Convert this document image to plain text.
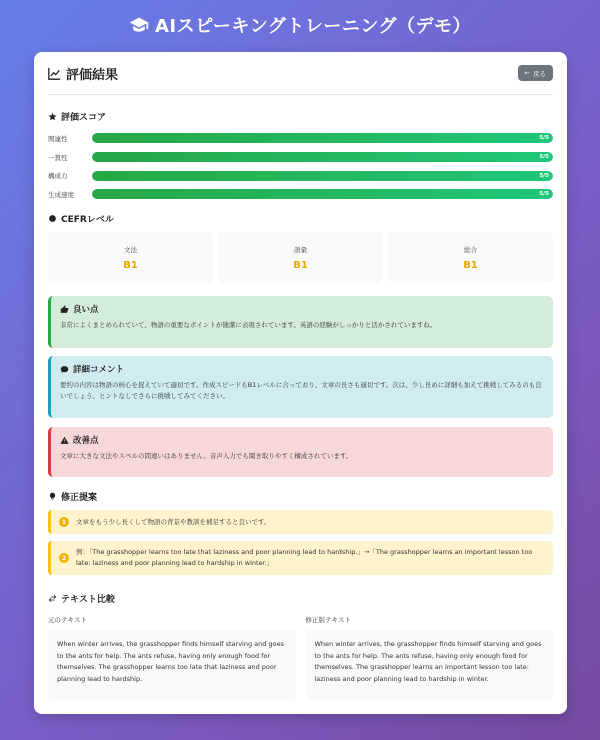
AIスピーキングトレーニング（デモ）
評価結果	← 戻る
評価スコア
関連性	5/5
一貫性	5/5
構成力	5/5
生成速度	5/5
CEFRレベル
文法
B1
語彙
B1
総合
B1
良い点
非常によくまとめられていて、物語の重要なポイントが簡潔に表現されています。英語の経験がしっかりと活かされていますね。
詳細コメント
要約の内容は物語の核心を捉えていて適切です。作成スピードもB1レベルに合っており、文章の長さも適切です。次は、少し長めに詳細も加えて挑戦してみるのも良いでしょう。ヒントなしでさらに挑戦してみてください。
改善点
文章に大きな文法やスペルの間違いはありません。音声入力でも聞き取りやすく構成されています。
修正提案
1	文章をもう少し長くして物語の背景や教訓を補足すると良いです。
2
例：「The grasshopper learns too late that laziness and poor planning lead to hardship.」→「The grasshopper learns an important lesson too late: laziness and poor planning lead to hardship in winter.」
テキスト比較
元のテキスト
When winter arrives, the grasshopper finds himself starving and goes to the ants for help. The ants refuse, having only enough food for themselves. The grasshopper learns too late that laziness and poor planning lead to hardship.
修正版テキスト
When winter arrives, the grasshopper finds himself starving and goes to the ants for help. The ants refuse, having only enough food for themselves. The grasshopper learns an important lesson too late: laziness and poor planning lead to hardship in winter.
